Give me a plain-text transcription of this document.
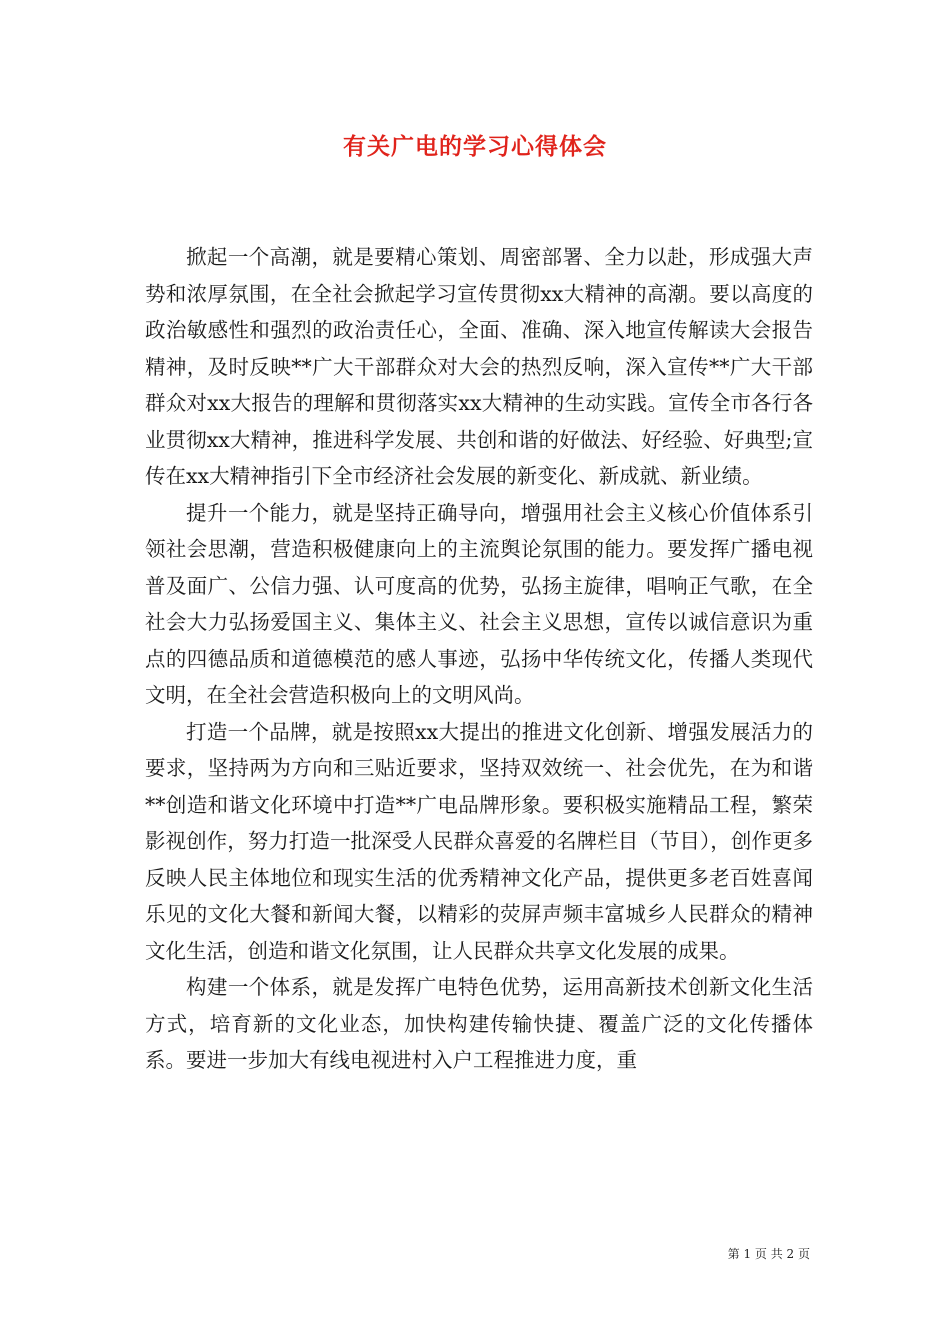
有关广电的学习心得体会

掀起一个高潮，就是要精心策划、周密部署、全力以赴，形成强大声势和浓厚氛围，在全社会掀起学习宣传贯彻xx大精神的高潮。要以高度的政治敏感性和强烈的政治责任心，全面、准确、深入地宣传解读大会报告精神，及时反映**广大干部群众对大会的热烈反响，深入宣传**广大干部群众对xx大报告的理解和贯彻落实xx大精神的生动实践。宣传全市各行各业贯彻xx大精神，推进科学发展、共创和谐的好做法、好经验、好典型;宣传在xx大精神指引下全市经济社会发展的新变化、新成就、新业绩。

提升一个能力，就是坚持正确导向，增强用社会主义核心价值体系引领社会思潮，营造积极健康向上的主流舆论氛围的能力。要发挥广播电视普及面广、公信力强、认可度高的优势，弘扬主旋律，唱响正气歌，在全社会大力弘扬爱国主义、集体主义、社会主义思想，宣传以诚信意识为重点的四德品质和道德模范的感人事迹，弘扬中华传统文化，传播人类现代文明，在全社会营造积极向上的文明风尚。

打造一个品牌，就是按照xx大提出的推进文化创新、增强发展活力的要求，坚持两为方向和三贴近要求，坚持双效统一、社会优先，在为和谐**创造和谐文化环境中打造**广电品牌形象。要积极实施精品工程，繁荣影视创作，努力打造一批深受人民群众喜爱的名牌栏目（节目），创作更多反映人民主体地位和现实生活的优秀精神文化产品，提供更多老百姓喜闻乐见的文化大餐和新闻大餐，以精彩的荧屏声频丰富城乡人民群众的精神文化生活，创造和谐文化氛围，让人民群众共享文化发展的成果。

构建一个体系，就是发挥广电特色优势，运用高新技术创新文化生活方式，培育新的文化业态，加快构建传输快捷、覆盖广泛的文化传播体系。要进一步加大有线电视进村入户工程推进力度，重

第 1 页 共 2 页
